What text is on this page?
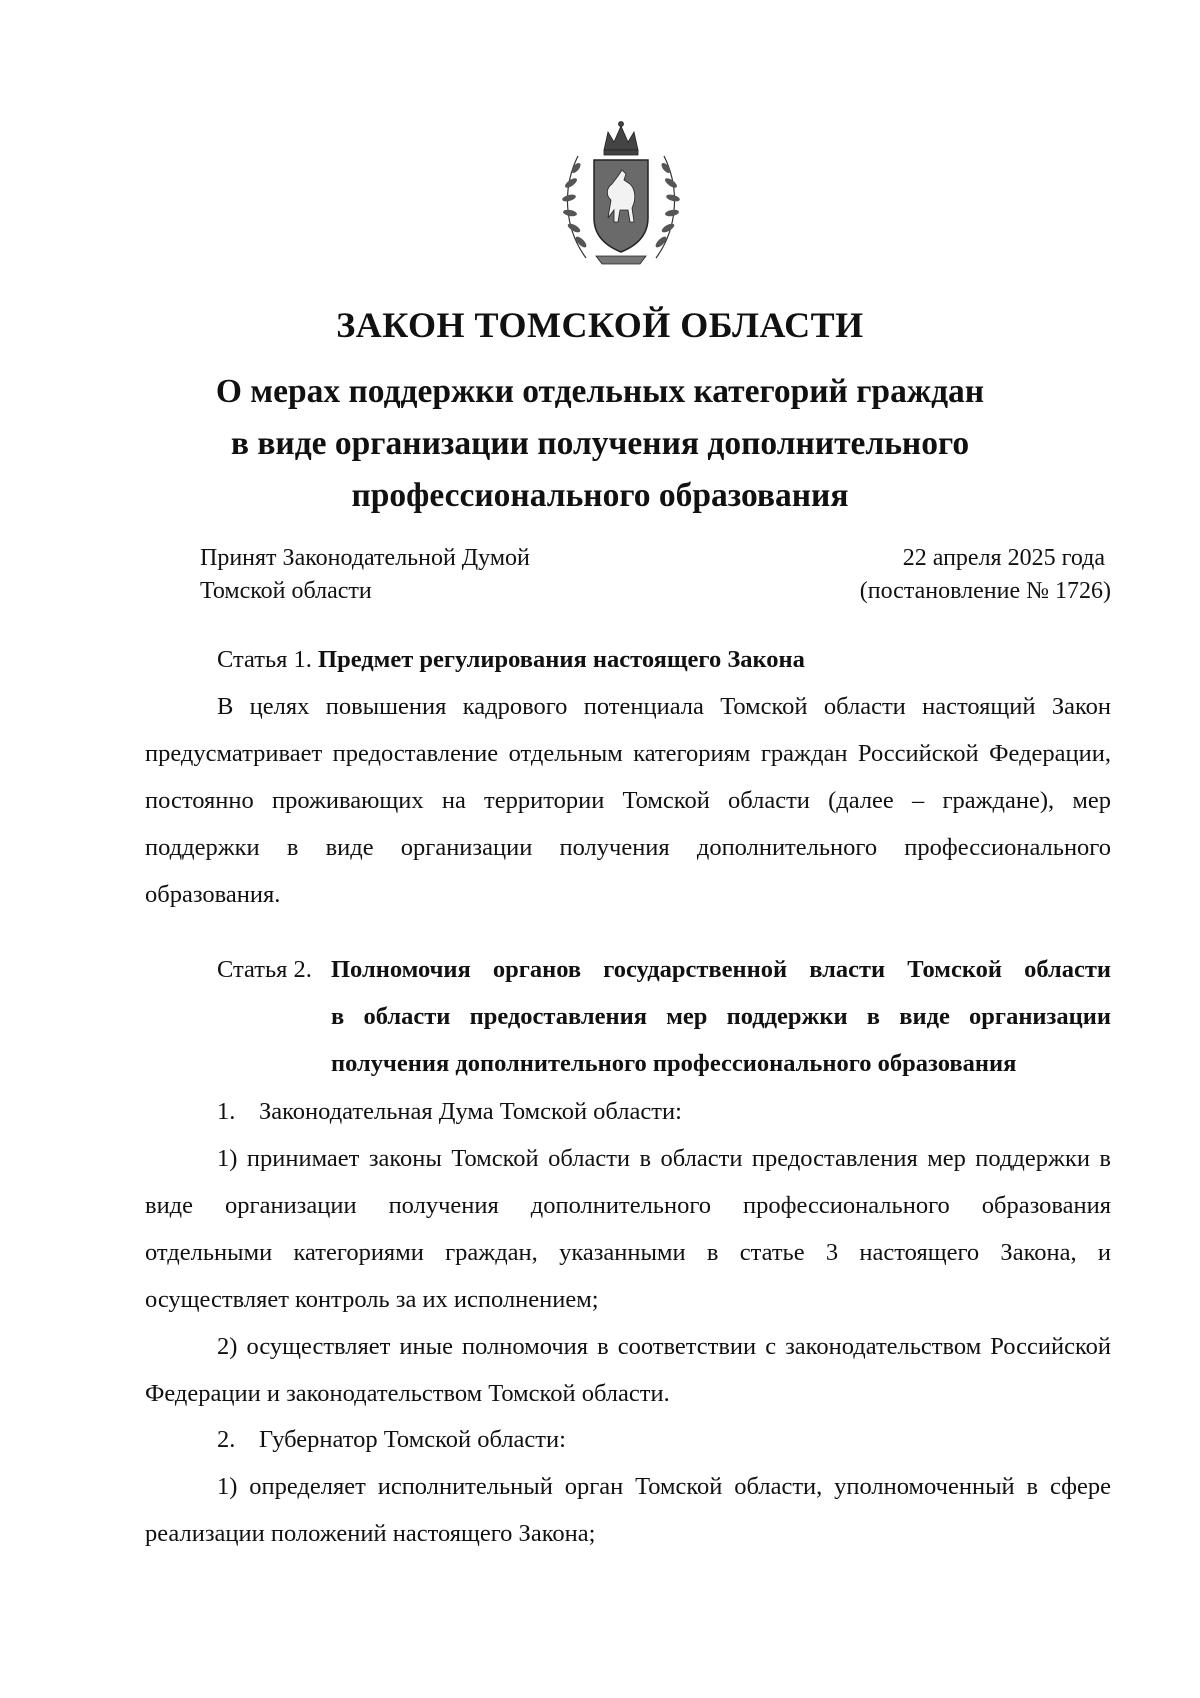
ЗАКОН ТОМСКОЙ ОБЛАСТИ
О мерах поддержки отдельных категорий граждан
в виде организации получения дополнительного
профессионального образования
Принят Законодательной Думой
Томской области
22 апреля 2025 года
(постановление № 1726)
Статья 1. Предмет регулирования настоящего Закона
В целях повышения кадрового потенциала Томской области настоящий Закон предусматривает предоставление отдельным категориям граждан Российской Федерации, постоянно проживающих на территории Томской области (далее – граждане), мер поддержки в виде организации получения дополнительного профессионального образования.
Статья 2. Полномочия органов государственной власти Томской области
в области предоставления мер поддержки в виде организации
получения дополнительного профессионального образования
1. Законодательная Дума Томской области:
1) принимает законы Томской области в области предоставления мер поддержки в виде организации получения дополнительного профессионального образования отдельными категориями граждан, указанными в статье 3 настоящего Закона, и осуществляет контроль за их исполнением;
2) осуществляет иные полномочия в соответствии с законодательством Российской Федерации и законодательством Томской области.
2. Губернатор Томской области:
1) определяет исполнительный орган Томской области, уполномоченный в сфере реализации положений настоящего Закона;
